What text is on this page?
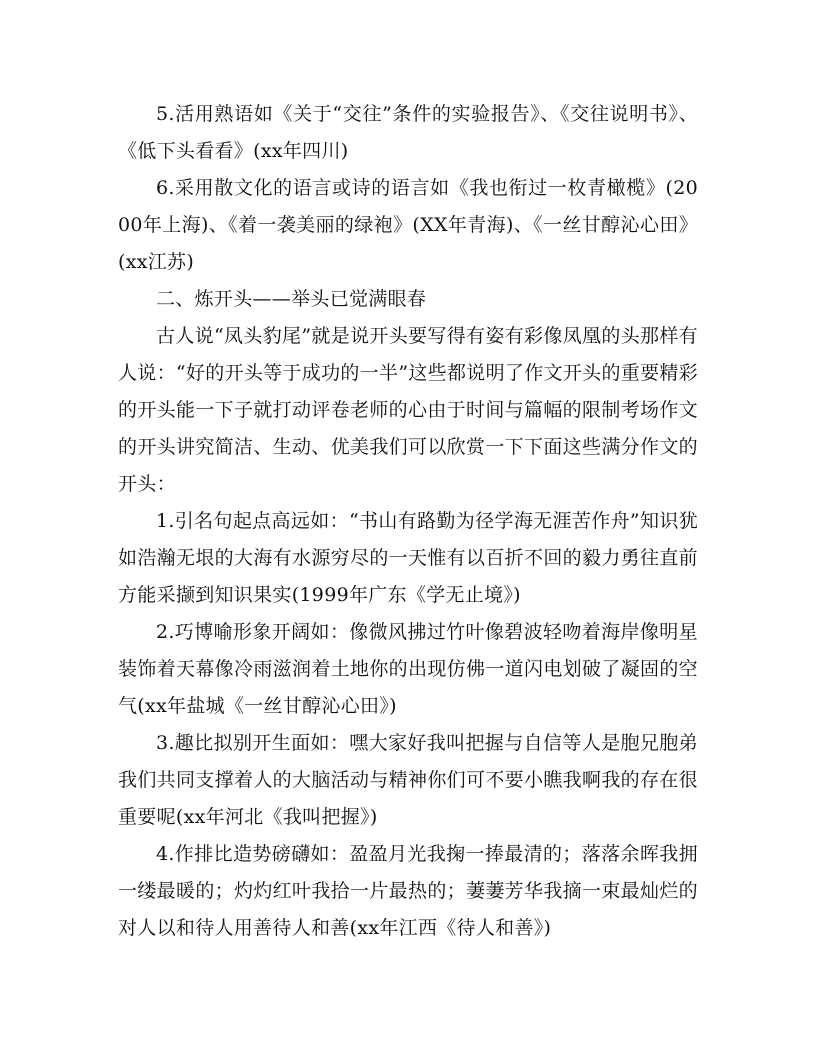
5.活用熟语如《关于“交往”条件的实验报告》、《交往说明书》、《低下头看看》(xx年四川)

6.采用散文化的语言或诗的语言如《我也衔过一枚青橄榄》(2000年上海)、《着一袭美丽的绿袍》(XX年青海)、《一丝甘醇沁心田》(xx江苏)

二、炼开头——举头已觉满眼春

古人说“凤头豹尾”就是说开头要写得有姿有彩像凤凰的头那样有人说：“好的开头等于成功的一半”这些都说明了作文开头的重要精彩的开头能一下子就打动评卷老师的心由于时间与篇幅的限制考场作文的开头讲究简洁、生动、优美我们可以欣赏一下下面这些满分作文的开头：

1.引名句起点高远如：“书山有路勤为径学海无涯苦作舟”知识犹如浩瀚无垠的大海有水源穷尽的一天惟有以百折不回的毅力勇往直前方能采撷到知识果实(1999年广东《学无止境》)

2.巧博喻形象开阔如：像微风拂过竹叶像碧波轻吻着海岸像明星装饰着天幕像冷雨滋润着土地你的出现仿佛一道闪电划破了凝固的空气(xx年盐城《一丝甘醇沁心田》)

3.趣比拟别开生面如：嘿大家好我叫把握与自信等人是胞兄胞弟我们共同支撑着人的大脑活动与精神你们可不要小瞧我啊我的存在很重要呢(xx年河北《我叫把握》)

4.作排比造势磅礴如：盈盈月光我掬一捧最清的；落落余晖我拥一缕最暖的；灼灼红叶我拾一片最热的；萋萋芳华我摘一束最灿烂的对人以和待人用善待人和善(xx年江西《待人和善》)
